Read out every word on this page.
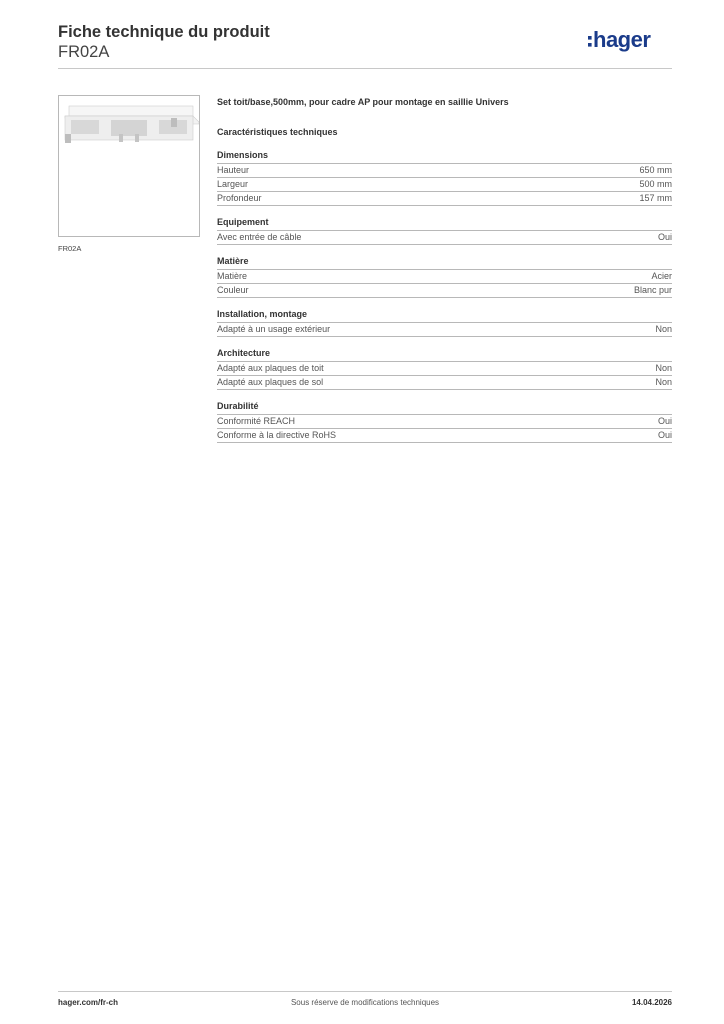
Fiche technique du produit
FR02A	hager
FR02A
Set toit/base,500mm, pour cadre AP pour montage en saillie Univers
Caractéristiques techniques
Dimensions
Hauteur	650 mm
Largeur	500 mm
Profondeur	157 mm
Equipement
Avec entrée de câble	Oui
Matière
Matière	Acier
Couleur	Blanc pur
Installation, montage
Adapté à un usage extérieur	Non
Architecture
Adapté aux plaques de toit	Non
Adapté aux plaques de sol	Non
Durabilité
Conformité REACH	Oui
Conforme à la directive RoHS	Oui
hager.com/fr-ch	Sous réserve de modifications techniques	14.04.2026
